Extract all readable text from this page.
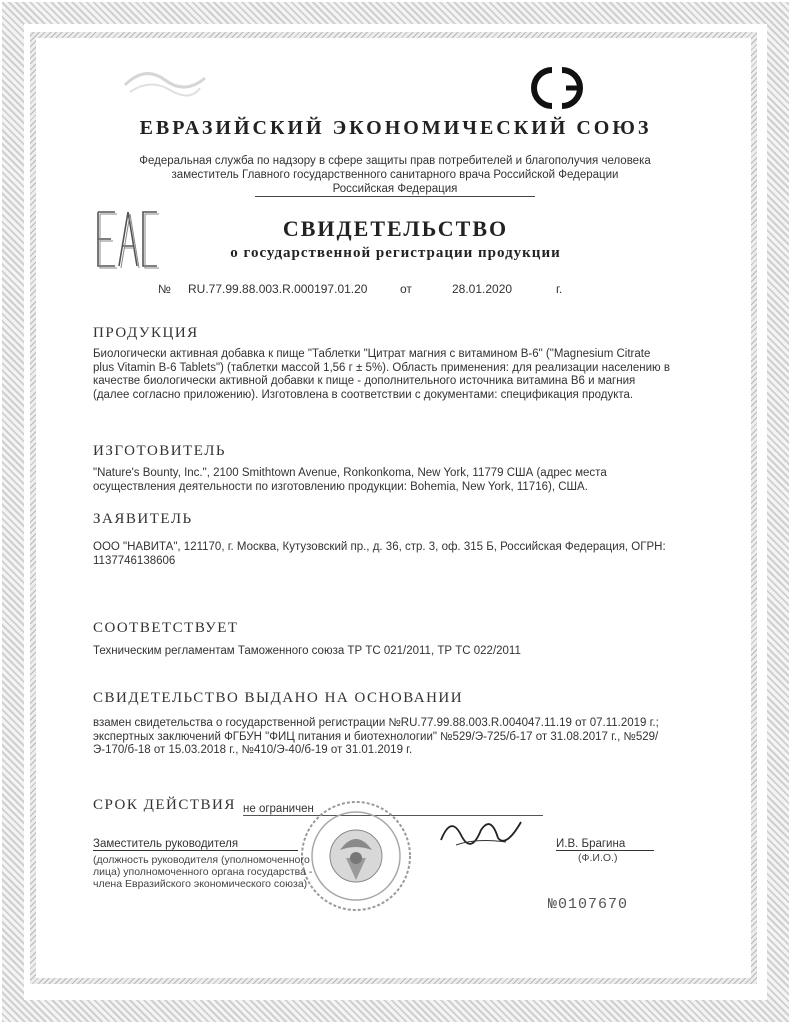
ЕВРАЗИЙСКИЙ ЭКОНОМИЧЕСКИЙ СОЮЗ
Федеральная служба по надзору в сфере защиты прав потребителей и благополучия человека
заместитель Главного государственного санитарного врача Российской Федерации
Российская Федерация
СВИДЕТЕЛЬСТВО
о государственной регистрации продукции
№ RU.77.99.88.003.R.000197.01.20	от	28.01.2020	г.
ПРОДУКЦИЯ
Биологически активная добавка к пище "Таблетки "Цитрат магния с витамином В-6" ("Magnesium Citrate plus Vitamin B-6 Tablets") (таблетки массой 1,56 г ± 5%). Область применения: для реализации населению в качестве биологически активной добавки к пище - дополнительного источника витамина B6 и магния (далее согласно приложению). Изготовлена в соответствии с документами: спецификация продукта.
ИЗГОТОВИТЕЛЬ
"Nature's Bounty, Inc.", 2100 Smithtown Avenue, Ronkonkoma, New York, 11779 США (адрес места осуществления деятельности по изготовлению продукции: Bohemia, New York, 11716), США.
ЗАЯВИТЕЛЬ
ООО "НАВИТА", 121170, г. Москва, Кутузовский пр., д. 36, стр. 3, оф. 315 Б, Российская Федерация, ОГРН: 1137746138606
СООТВЕТСТВУЕТ
Техническим регламентам Таможенного союза ТР ТС 021/2011, ТР ТС 022/2011
СВИДЕТЕЛЬСТВО ВЫДАНО НА ОСНОВАНИИ
взамен свидетельства о государственной регистрации №RU.77.99.88.003.R.004047.11.19 от 07.11.2019 г.; экспертных заключений ФГБУН "ФИЦ питания и биотехнологии" №529/Э-725/б-17 от 31.08.2017 г., №529/Э-170/б-18 от 15.03.2018 г., №410/Э-40/б-19 от 31.01.2019 г.
СРОК ДЕЙСТВИЯ не ограничен
Заместитель руководителя	И.В. Брагина
(Ф.И.О.)
(должность руководителя (уполномоченного
лица) уполномоченного органа государства -
члена Евразийского экономического союза)
№0107670
